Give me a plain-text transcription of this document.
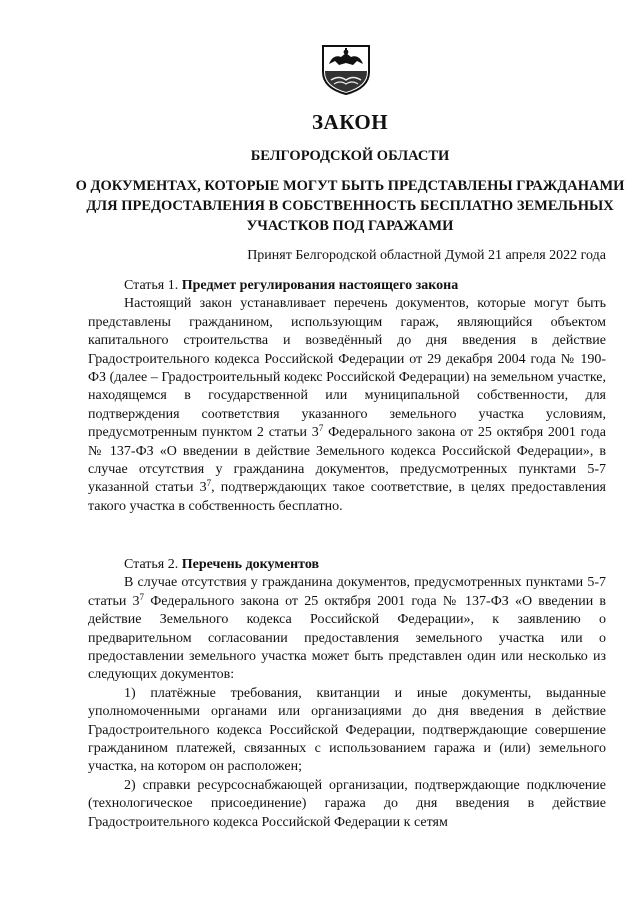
ЗАКОН
БЕЛГОРОДСКОЙ ОБЛАСТИ
О ДОКУМЕНТАХ, КОТОРЫЕ МОГУТ БЫТЬ ПРЕДСТАВЛЕНЫ ГРАЖДАНАМИ ДЛЯ ПРЕДОСТАВЛЕНИЯ В СОБСТВЕННОСТЬ БЕСПЛАТНО ЗЕМЕЛЬНЫХ УЧАСТКОВ ПОД ГАРАЖАМИ
Принят Белгородской областной Думой 21 апреля 2022 года

Статья 1. Предмет регулирования настоящего закона

Настоящий закон устанавливает перечень документов, которые могут быть представлены гражданином, использующим гараж, являющийся объектом капитального строительства и возведённый до дня введения в действие Градостроительного кодекса Российской Федерации от 29 декабря 2004 года № 190-ФЗ (далее – Градостроительный кодекс Российской Федерации) на земельном участке, находящемся в государственной или муниципальной собственности, для подтверждения соответствия указанного земельного участка условиям, предусмотренным пунктом 2 статьи $3^7$ Федерального закона от 25 октября 2001 года № 137-ФЗ «О введении в действие Земельного кодекса Российской Федерации», в случае отсутствия у гражданина документов, предусмотренных пунктами 5-7 указанной статьи $3^7$, подтверждающих такое соответствие, в целях предоставления такого участка в собственность бесплатно.

Статья 2. Перечень документов

В случае отсутствия у гражданина документов, предусмотренных пунктами 5-7 статьи $3^7$ Федерального закона от 25 октября 2001 года № 137-ФЗ «О введении в действие Земельного кодекса Российской Федерации», к заявлению о предварительном согласовании предоставления земельного участка или о предоставлении земельного участка может быть представлен один или несколько из следующих документов:

1) платёжные требования, квитанции и иные документы, выданные уполномоченными органами или организациями до дня введения в действие Градостроительного кодекса Российской Федерации, подтверждающие совершение гражданином платежей, связанных с использованием гаража и (или) земельного участка, на котором он расположен;

2) справки ресурсоснабжающей организации, подтверждающие подключение (технологическое присоединение) гаража до дня введения в действие Градостроительного кодекса Российской Федерации к сетям
